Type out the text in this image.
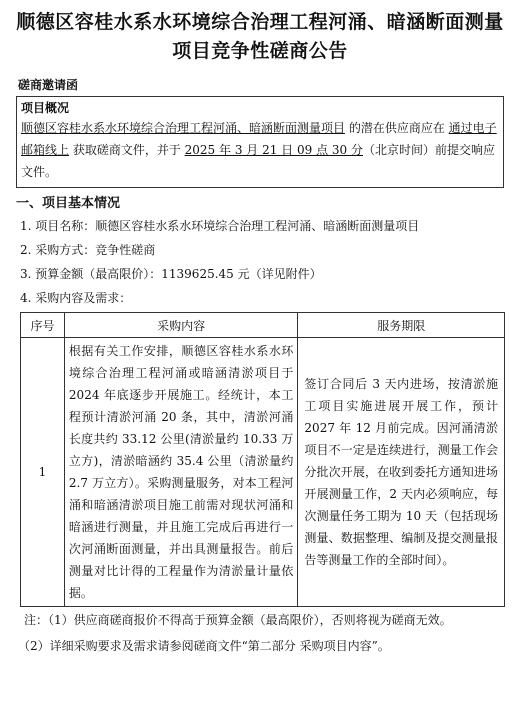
顺德区容桂水系水环境综合治理工程河涌、暗涵断面测量
项目竞争性磋商公告
磋商邀请函
项目概况

顺德区容桂水系水环境综合治理工程河涌、暗涵断面测量项目 的潜在供应商应在 通过电子邮箱线上 获取磋商文件，并于 2025 年 3 月 21 日 09 点 30 分（北京时间）前提交响应文件。

一、项目基本情况
1. 项目名称：顺德区容桂水系水环境综合治理工程河涌、暗涵断面测量项目
2. 采购方式：竞争性磋商
3. 预算金额（最高限价）：1139625.45 元（详见附件）
4. 采购内容及需求：
序号	采购内容	服务期限
1	根据有关工作安排，顺德区容桂水系水环境综合治理工程河涌或暗涵清淤项目于 2024 年底逐步开展施工。经统计，本工程预计清淤河涌 20 条，其中，清淤河涌长度共约 33.12 公里(清淤量约 10.33 万立方)，清淤暗涵约 35.4 公里（清淤量约 2.7 万立方）。采购测量服务，对本工程河涌和暗涵清淤项目施工前需对现状河涌和暗涵进行测量，并且施工完成后再进行一次河涌断面测量，并出具测量报告。前后测量对比计得的工程量作为清淤量计量依据。	签订合同后 3 天内进场，按清淤施工项目实施进展开展工作，预计 2027 年 12 月前完成。因河涌清淤项目不一定是连续进行，测量工作会分批次开展，在收到委托方通知进场开展测量工作，2 天内必须响应，每次测量任务工期为 10 天（包括现场测量、数据整理、编制及提交测量报告等测量工作的全部时间）。
注：（1）供应商磋商报价不得高于预算金额（最高限价），否则将视为磋商无效。
（2）详细采购要求及需求请参阅磋商文件“第二部分 采购项目内容”。
